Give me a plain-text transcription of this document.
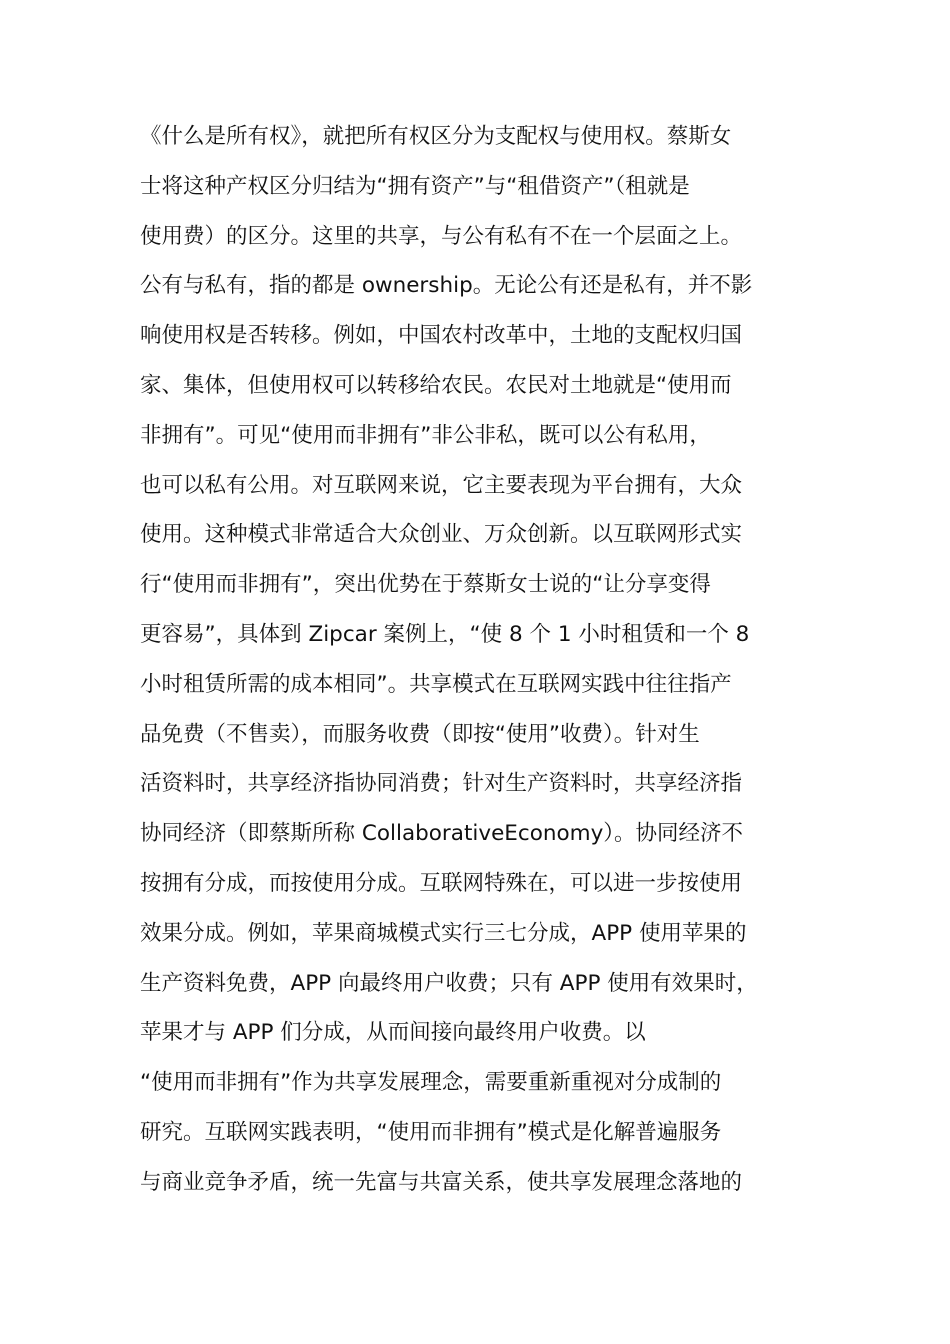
《什么是所有权》，就把所有权区分为支配权与使用权。蔡斯女
士将这种产权区分归结为“拥有资产”与“租借资产”（租就是
使用费）的区分。这里的共享，与公有私有不在一个层面之上。
公有与私有，指的都是 ownership。无论公有还是私有，并不影
响使用权是否转移。例如，中国农村改革中，土地的支配权归国
家、集体，但使用权可以转移给农民。农民对土地就是“使用而
非拥有”。可见“使用而非拥有”非公非私，既可以公有私用，
也可以私有公用。对互联网来说，它主要表现为平台拥有，大众
使用。这种模式非常适合大众创业、万众创新。以互联网形式实
行“使用而非拥有”，突出优势在于蔡斯女士说的“让分享变得
更容易”，具体到 Zipcar 案例上，“使 8 个 1 小时租赁和一个 8
小时租赁所需的成本相同”。共享模式在互联网实践中往往指产
品免费（不售卖），而服务收费（即按“使用”收费）。针对生
活资料时，共享经济指协同消费；针对生产资料时，共享经济指
协同经济（即蔡斯所称 CollaborativeEconomy）。协同经济不
按拥有分成，而按使用分成。互联网特殊在，可以进一步按使用
效果分成。例如，苹果商城模式实行三七分成，APP 使用苹果的
生产资料免费，APP 向最终用户收费；只有 APP 使用有效果时，
苹果才与 APP 们分成，从而间接向最终用户收费。以
“使用而非拥有”作为共享发展理念，需要重新重视对分成制的
研究。互联网实践表明，“使用而非拥有”模式是化解普遍服务
与商业竞争矛盾，统一先富与共富关系，使共享发展理念落地的
